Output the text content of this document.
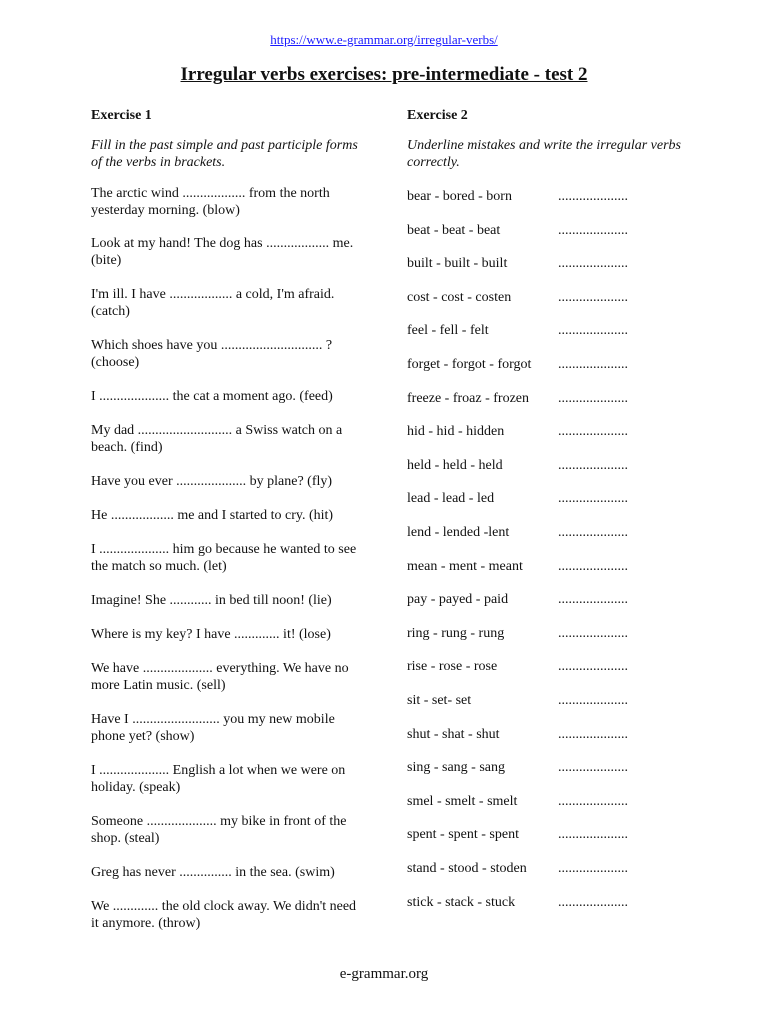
https://www.e-grammar.org/irregular-verbs/
Irregular verbs exercises: pre-intermediate - test 2
Exercise 1
Fill in the past simple and past participle forms of the verbs in brackets.
The arctic wind .................. from the north yesterday morning. (blow)
Look at my hand! The dog has .................. me. (bite)
I'm ill. I have .................. a cold, I'm afraid. (catch)
Which shoes have you ............................. ? (choose)
I .................... the cat a moment ago. (feed)
My dad ........................... a Swiss watch on a beach. (find)
Have you ever .................... by plane? (fly)
He .................. me and I started to cry. (hit)
I .................... him go because he wanted to see the match so much. (let)
Imagine! She ............ in bed till noon! (lie)
Where is my key? I have ............. it! (lose)
We have .................... everything. We have no more Latin music. (sell)
Have I ......................... you my new mobile phone yet? (show)
I .................... English a lot when we were on holiday. (speak)
Someone .................... my bike in front of the shop. (steal)
Greg has never ............... in the sea. (swim)
We ............. the old clock away. We didn't need it anymore. (throw)
Exercise 2
Underline mistakes and write the irregular verbs correctly.
bear - bored - born	....................
beat - beat - beat	....................
built - built - built	....................
cost - cost - costen	....................
feel - fell - felt	....................
forget - forgot - forgot ....................
freeze - froaz - frozen ....................
hid - hid - hidden	....................
held - held - held	....................
lead - lead - led	....................
lend - lended -lent	....................
mean - ment - meant	....................
pay - payed - paid	....................
ring - rung - rung	....................
rise - rose - rose	....................
sit - set- set	....................
shut - shat - shut	....................
sing - sang - sang	....................
smel - smelt - smelt	....................
spent - spent - spent	....................
stand - stood - stoden ....................
stick - stack - stuck	....................
e-grammar.org
